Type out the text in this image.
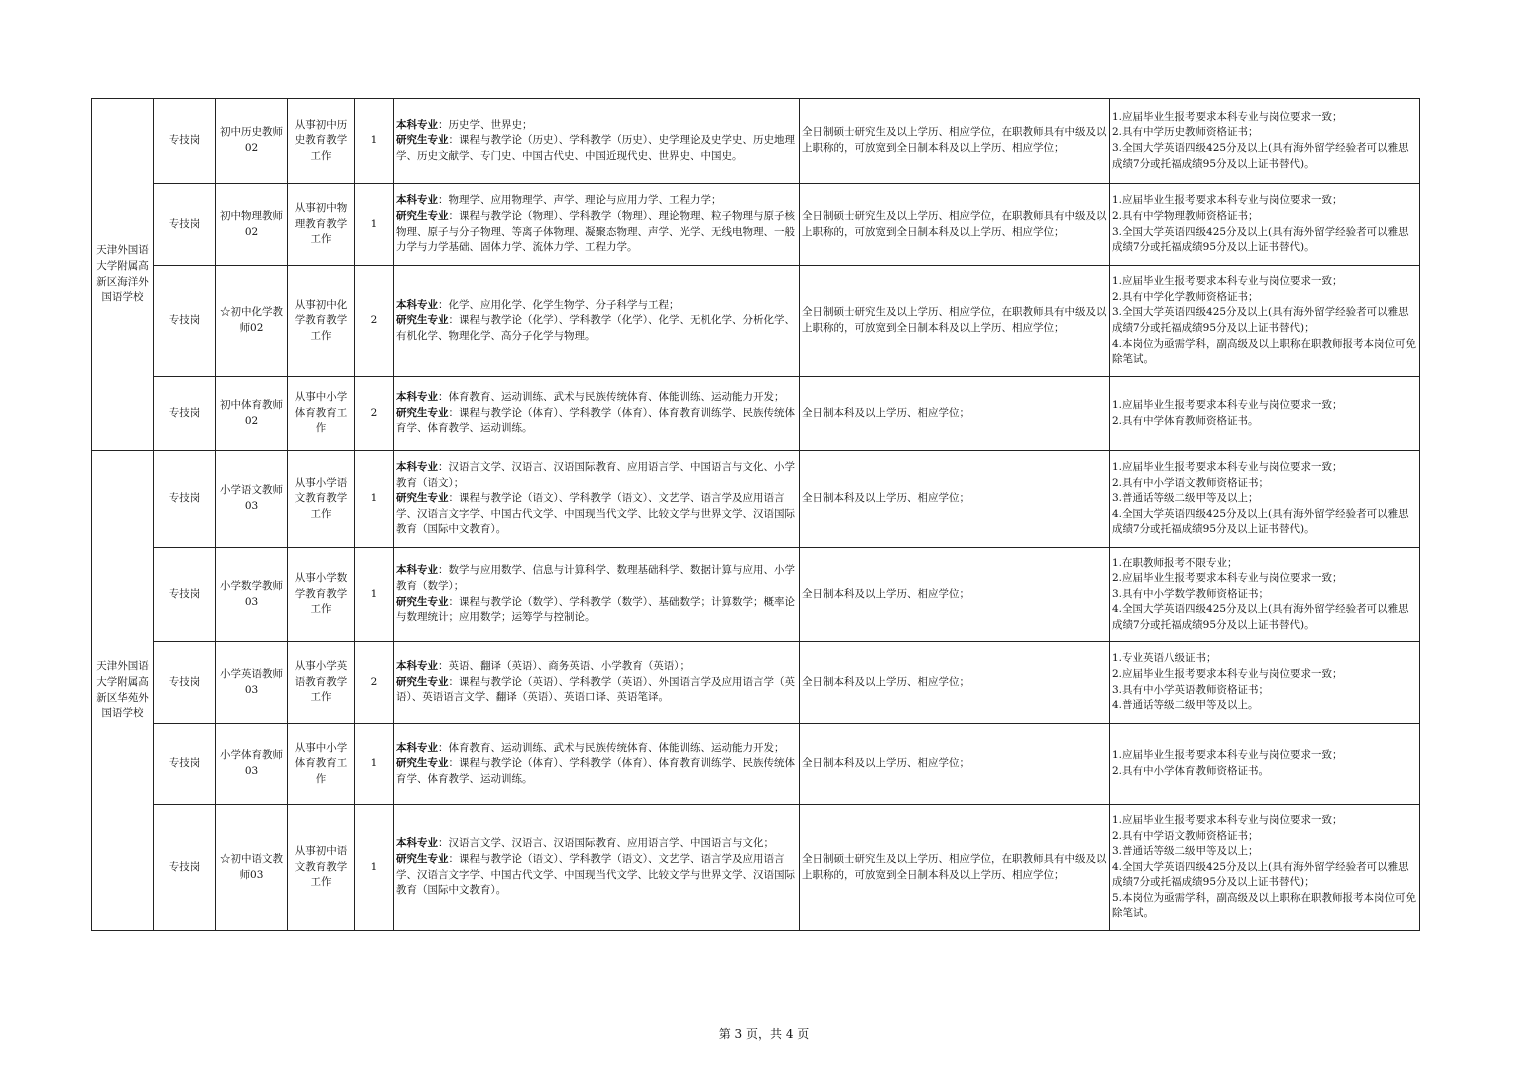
天津外国语大学附属高新区海洋外国语学校	专技岗	初中历史教师02	从事初中历史教育教学工作	1	本科专业：历史学、世界史；
研究生专业：课程与教学论（历史）、学科教学（历史）、史学理论及史学史、历史地理学、历史文献学、专门史、中国古代史、中国近现代史、世界史、中国史。	全日制硕士研究生及以上学历、相应学位，在职教师具有中级及以上职称的，可放宽到全日制本科及以上学历、相应学位；	1.应届毕业生报考要求本科专业与岗位要求一致；
2.具有中学历史教师资格证书；
3.全国大学英语四级425分及以上(具有海外留学经验者可以雅思成绩7分或托福成绩95分及以上证书替代)。

	专技岗	初中物理教师02	从事初中物理教育教学工作	1	本科专业：物理学、应用物理学、声学、理论与应用力学、工程力学；
研究生专业：课程与教学论（物理）、学科教学（物理）、理论物理、粒子物理与原子核物理、原子与分子物理、等离子体物理、凝聚态物理、声学、光学、无线电物理、一般力学与力学基础、固体力学、流体力学、工程力学。	全日制硕士研究生及以上学历、相应学位，在职教师具有中级及以上职称的，可放宽到全日制本科及以上学历、相应学位；	1.应届毕业生报考要求本科专业与岗位要求一致；
2.具有中学物理教师资格证书；
3.全国大学英语四级425分及以上(具有海外留学经验者可以雅思成绩7分或托福成绩95分及以上证书替代)。

	专技岗	☆初中化学教师02	从事初中化学教育教学工作	2	本科专业：化学、应用化学、化学生物学、分子科学与工程；
研究生专业：课程与教学论（化学）、学科教学（化学）、化学、无机化学、分析化学、有机化学、物理化学、高分子化学与物理。	全日制硕士研究生及以上学历、相应学位，在职教师具有中级及以上职称的，可放宽到全日制本科及以上学历、相应学位；	1.应届毕业生报考要求本科专业与岗位要求一致；
2.具有中学化学教师资格证书；
3.全国大学英语四级425分及以上(具有海外留学经验者可以雅思成绩7分或托福成绩95分及以上证书替代)；
4.本岗位为亟需学科，副高级及以上职称在职教师报考本岗位可免除笔试。

	专技岗	初中体育教师02	从事中小学体育教育工作	2	本科专业：体育教育、运动训练、武术与民族传统体育、体能训练、运动能力开发；
研究生专业：课程与教学论（体育）、学科教学（体育）、体育教育训练学、民族传统体育学、体育教学、运动训练。	全日制本科及以上学历、相应学位；	1.应届毕业生报考要求本科专业与岗位要求一致；
2.具有中学体育教师资格证书。

天津外国语大学附属高新区华苑外国语学校	专技岗	小学语文教师03	从事小学语文教育教学工作	1	本科专业：汉语言文学、汉语言、汉语国际教育、应用语言学、中国语言与文化、小学教育（语文）；
研究生专业：课程与教学论（语文）、学科教学（语文）、文艺学、语言学及应用语言学、汉语言文字学、中国古代文学、中国现当代文学、比较文学与世界文学、汉语国际教育（国际中文教育）。	全日制本科及以上学历、相应学位；	1.应届毕业生报考要求本科专业与岗位要求一致；
2.具有中小学语文教师资格证书；
3.普通话等级二级甲等及以上；
4.全国大学英语四级425分及以上(具有海外留学经验者可以雅思成绩7分或托福成绩95分及以上证书替代)。

	专技岗	小学数学教师03	从事小学数学教育教学工作	1	本科专业：数学与应用数学、信息与计算科学、数理基础科学、数据计算与应用、小学教育（数学）；
研究生专业：课程与教学论（数学）、学科教学（数学）、基础数学；计算数学；概率论与数理统计；应用数学；运筹学与控制论。	全日制本科及以上学历、相应学位；	1.在职教师报考不限专业；
2.应届毕业生报考要求本科专业与岗位要求一致；
3.具有中小学数学教师资格证书；
4.全国大学英语四级425分及以上(具有海外留学经验者可以雅思成绩7分或托福成绩95分及以上证书替代)。

	专技岗	小学英语教师03	从事小学英语教育教学工作	2	本科专业：英语、翻译（英语）、商务英语、小学教育（英语）；
研究生专业：课程与教学论（英语）、学科教学（英语）、外国语言学及应用语言学（英语）、英语语言文学、翻译（英语）、英语口译、英语笔译。	全日制本科及以上学历、相应学位；	1.专业英语八级证书；
2.应届毕业生报考要求本科专业与岗位要求一致；
3.具有中小学英语教师资格证书；
4.普通话等级二级甲等及以上。

	专技岗	小学体育教师03	从事中小学体育教育工作	1	本科专业：体育教育、运动训练、武术与民族传统体育、体能训练、运动能力开发；
研究生专业：课程与教学论（体育）、学科教学（体育）、体育教育训练学、民族传统体育学、体育教学、运动训练。	全日制本科及以上学历、相应学位；	1.应届毕业生报考要求本科专业与岗位要求一致；
2.具有中小学体育教师资格证书。

	专技岗	☆初中语文教师03	从事初中语文教育教学工作	1	本科专业：汉语言文学、汉语言、汉语国际教育、应用语言学、中国语言与文化；
研究生专业：课程与教学论（语文）、学科教学（语文）、文艺学、语言学及应用语言学、汉语言文字学、中国古代文学、中国现当代文学、比较文学与世界文学、汉语国际教育（国际中文教育）。	全日制硕士研究生及以上学历、相应学位，在职教师具有中级及以上职称的，可放宽到全日制本科及以上学历、相应学位；	1.应届毕业生报考要求本科专业与岗位要求一致；
2.具有中学语文教师资格证书；
3.普通话等级二级甲等及以上；
4.全国大学英语四级425分及以上(具有海外留学经验者可以雅思成绩7分或托福成绩95分及以上证书替代)；
5.本岗位为亟需学科，副高级及以上职称在职教师报考本岗位可免除笔试。
第 3 页，共 4 页
